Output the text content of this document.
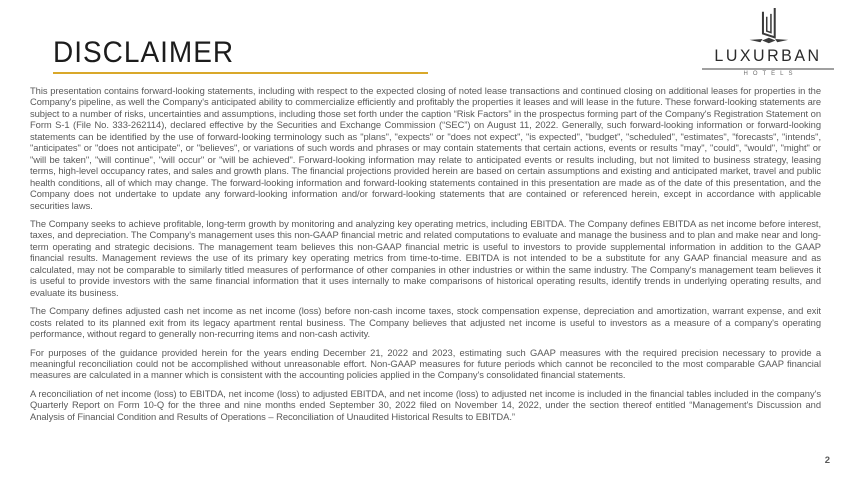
DISCLAIMER	LUXURBAN
HOTELS

This presentation contains forward-looking statements, including with respect to the expected closing of noted lease transactions and continued closing on additional leases for properties in the Company's pipeline, as well the Company's anticipated ability to commercialize efficiently and profitably the properties it leases and will lease in the future. These forward-looking statements are subject to a number of risks, uncertainties and assumptions, including those set forth under the caption “Risk Factors” in the prospectus forming part of the Company's Registration Statement on Form S-1 (File No. 333-262114), declared effective by the Securities and Exchange Commission (“SEC”) on August 11, 2022. Generally, such forward-looking information or forward-looking statements can be identified by the use of forward-looking terminology such as "plans", "expects" or "does not expect", "is expected", "budget", "scheduled", "estimates", "forecasts", "intends", "anticipates" or "does not anticipate", or "believes", or variations of such words and phrases or may contain statements that certain actions, events or results "may", "could", "would", "might" or "will be taken", "will continue", "will occur" or "will be achieved". Forward-looking information may relate to anticipated events or results including, but not limited to business strategy, leasing terms, high-level occupancy rates, and sales and growth plans. The financial projections provided herein are based on certain assumptions and existing and anticipated market, travel and public health conditions, all of which may change. The forward-looking information and forward-looking statements contained in this presentation are made as of the date of this presentation, and the Company does not undertake to update any forward-looking information and/or forward-looking statements that are contained or referenced herein, except in accordance with applicable securities laws.

The Company seeks to achieve profitable, long-term growth by monitoring and analyzing key operating metrics, including EBITDA. The Company defines EBITDA as net income before interest, taxes, and depreciation. The Company's management uses this non-GAAP financial metric and related computations to evaluate and manage the business and to plan and make near and long-term operating and strategic decisions. The management team believes this non-GAAP financial metric is useful to investors to provide supplemental information in addition to the GAAP financial results. Management reviews the use of its primary key operating metrics from time-to-time. EBITDA is not intended to be a substitute for any GAAP financial measure and as calculated, may not be comparable to similarly titled measures of performance of other companies in other industries or within the same industry. The Company's management team believes it is useful to provide investors with the same financial information that it uses internally to make comparisons of historical operating results, identify trends in underlying operating results, and evaluate its business.

The Company defines adjusted cash net income as net income (loss) before non-cash income taxes, stock compensation expense, depreciation and amortization, warrant expense, and exit costs related to its planned exit from its legacy apartment rental business. The Company believes that adjusted net income is useful to investors as a measure of a company's operating performance, without regard to generally non-recurring items and non-cash activity.

For purposes of the guidance provided herein for the years ending December 21, 2022 and 2023, estimating such GAAP measures with the required precision necessary to provide a meaningful reconciliation could not be accomplished without unreasonable effort. Non-GAAP measures for future periods which cannot be reconciled to the most comparable GAAP financial measures are calculated in a manner which is consistent with the accounting policies applied in the Company's consolidated financial statements.

A reconciliation of net income (loss) to EBITDA, net income (loss) to adjusted EBITDA, and net income (loss) to adjusted net income is included in the financial tables included in the company's Quarterly Report on Form 10-Q for the three and nine months ended September 30, 2022 filed on November 14, 2022, under the section thereof entitled “Management's Discussion and Analysis of Financial Condition and Results of Operations – Reconciliation of Unaudited Historical Results to EBITDA.”

2
